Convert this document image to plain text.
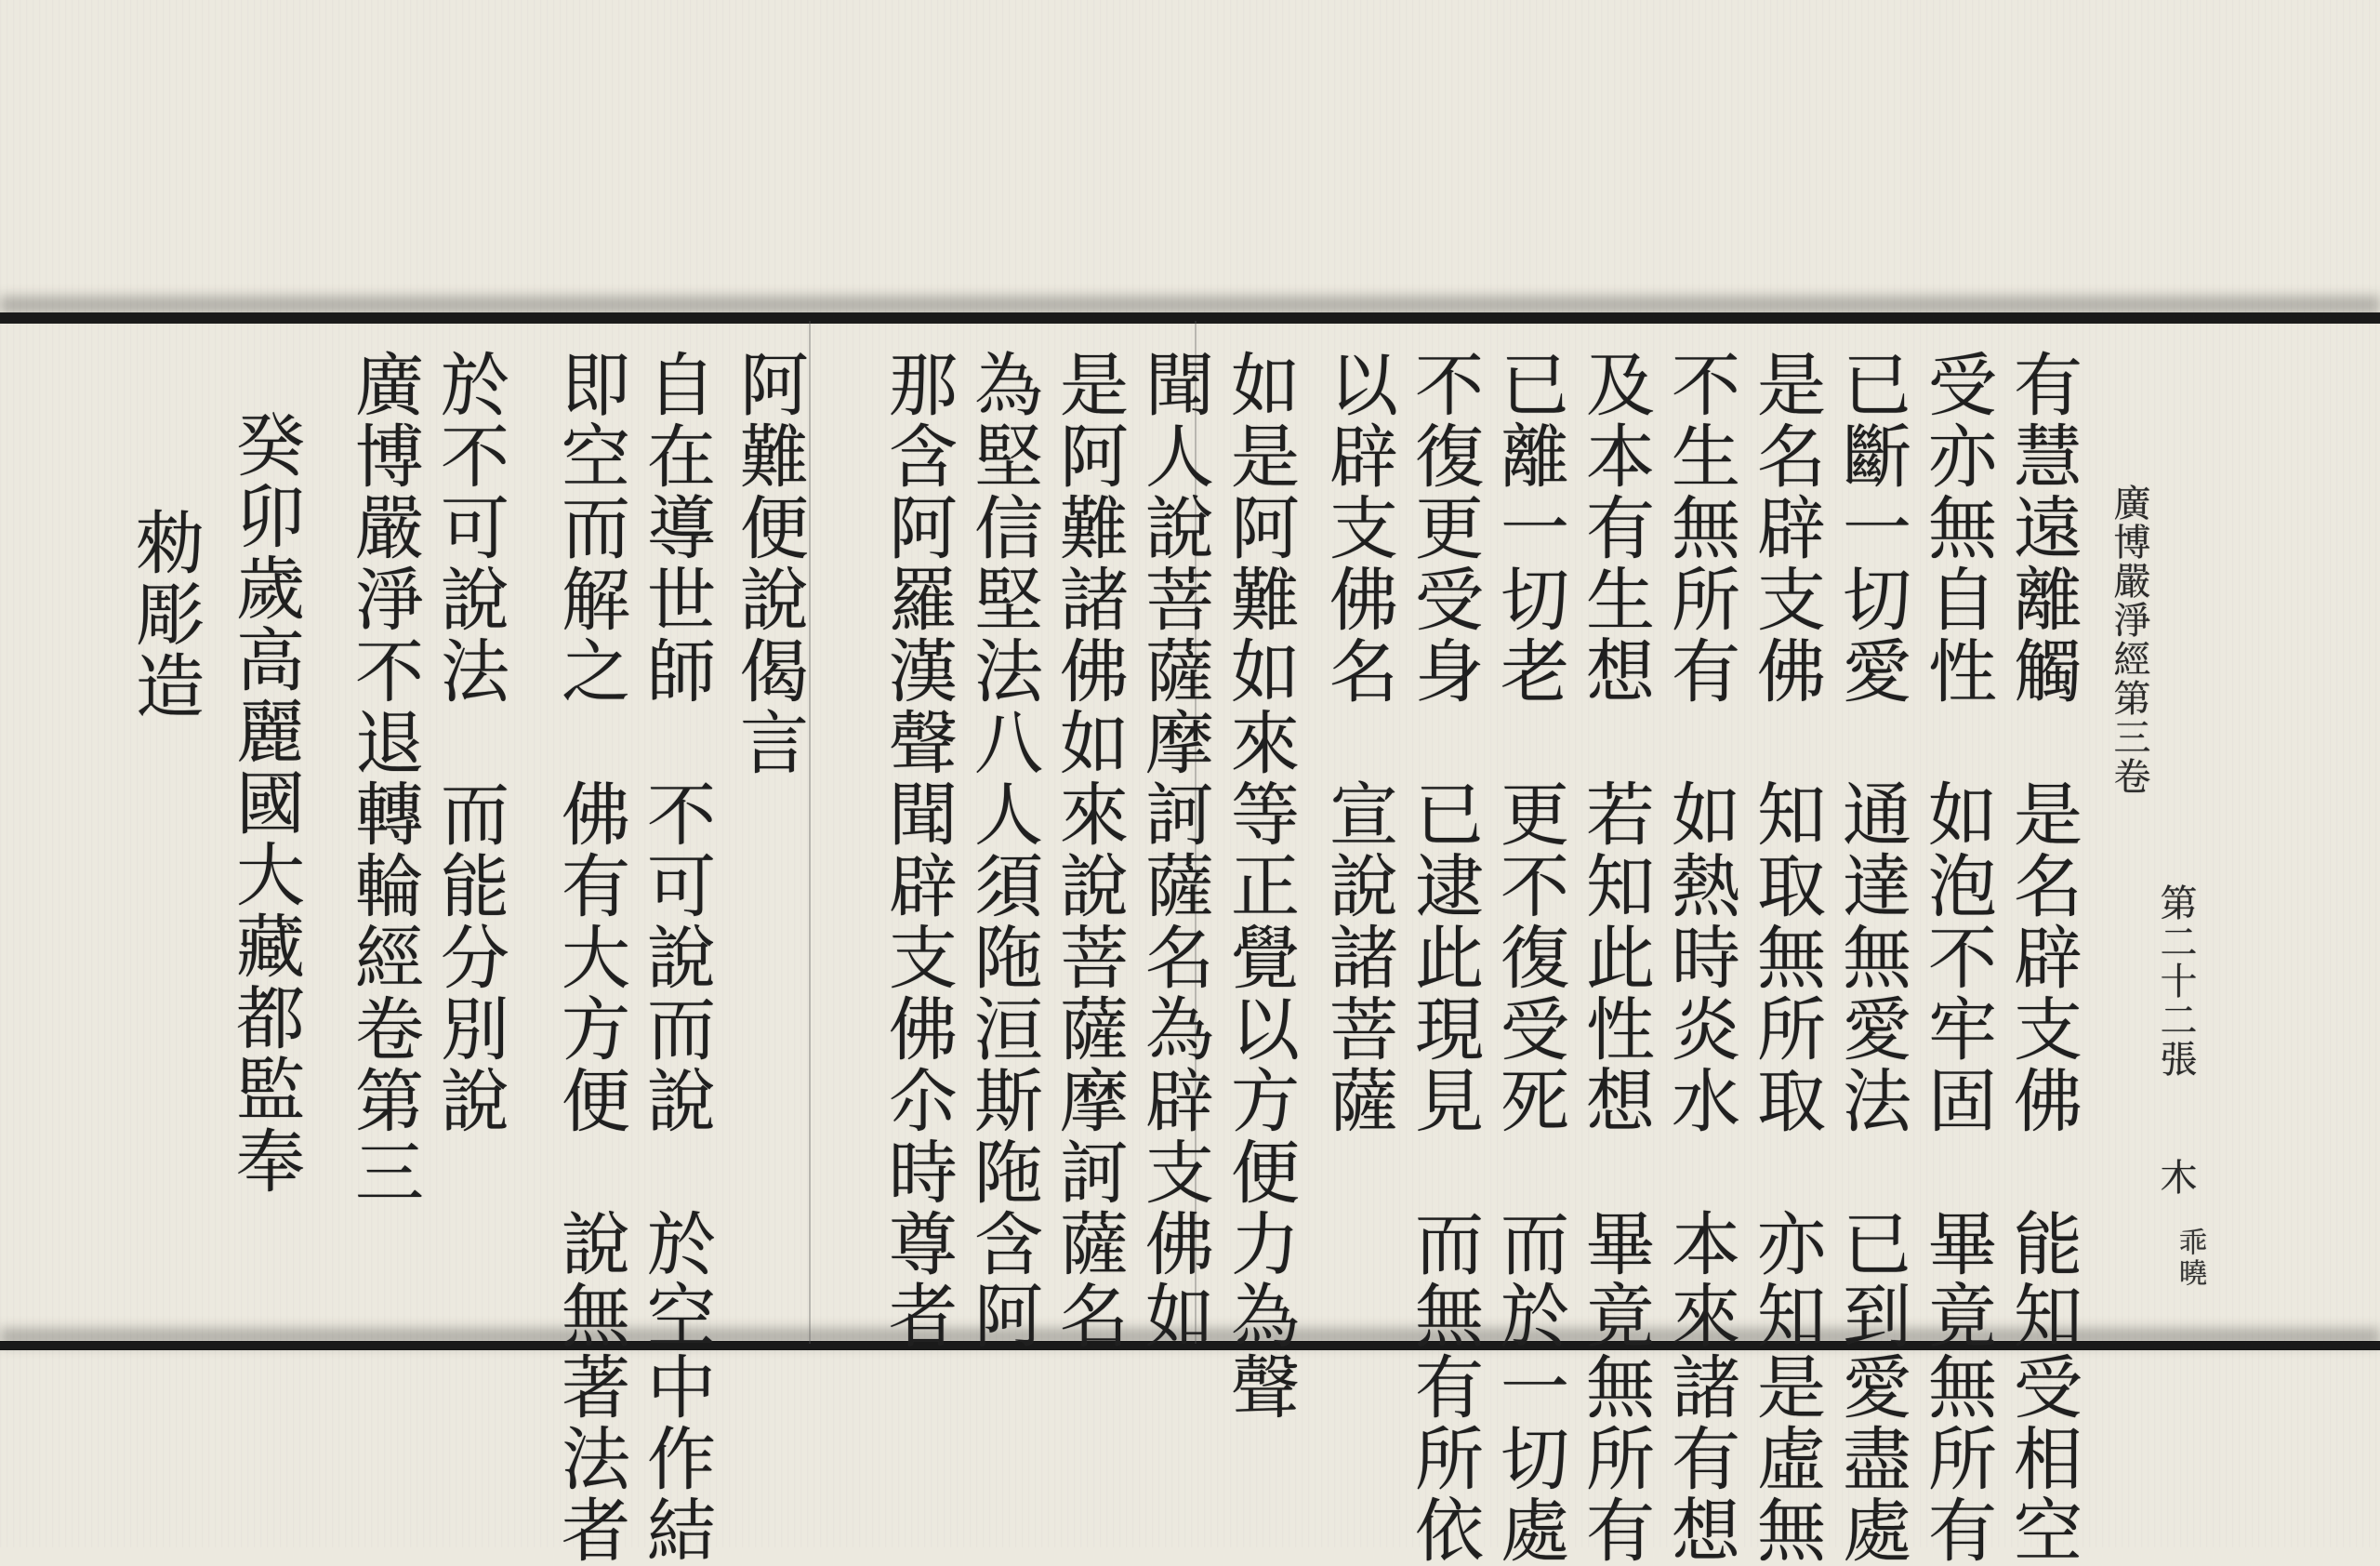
廣博嚴淨經第三卷
第二十二張
木
乖曉
有慧遠離觸　是名辟支佛　能知受相空
受亦無自性　如泡不牢固　畢竟無所有
已斷一切愛　通達無愛法　已到愛盡處
是名辟支佛　知取無所取　亦知是虛無
不生無所有　如熱時炎水　本來諸有想
及本有生想　若知此性想　畢竟無所有
已離一切老　更不復受死　而於一切處
不復更受身　已逮此現見　而無有所依
以辟支佛名　宣說諸菩薩
如是阿難如來等正覺以方便力為聲
聞人說菩薩摩訶薩名為辟支佛如
是阿難諸佛如來說菩薩摩訶薩名
為堅信堅法八人須陁洹斯陁含阿
那含阿羅漢聲聞辟支佛尒時尊者
阿難便說偈言
自在導世師　不可說而說　於空中作結
即空而解之　佛有大方便　說無著法者
於不可說法　而能分別說
廣博嚴淨不退轉輪經卷第三
癸卯歲高麗國大藏都監奉
勑彫造
